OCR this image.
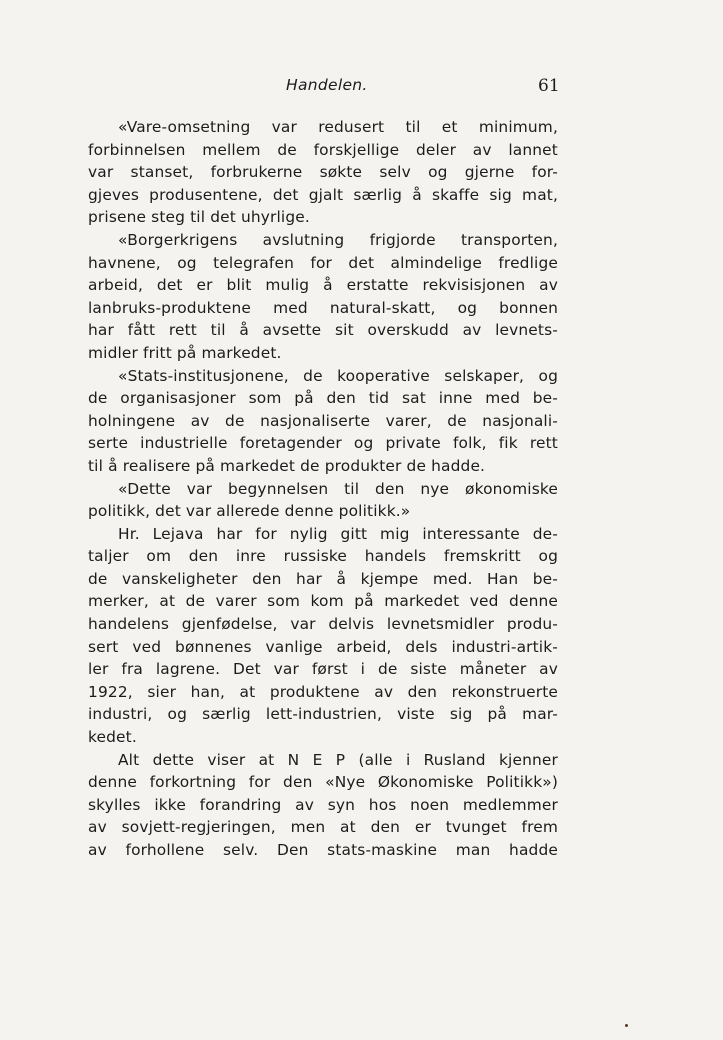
Handelen.	61
«Vare-omsetning var redusert til et minimum,
forbinnelsen mellem de forskjellige deler av lannet
var stanset, forbrukerne søkte selv og gjerne for-
gjeves produsentene, det gjalt særlig å skaffe sig mat,
prisene steg til det uhyrlige.
«Borgerkrigens avslutning frigjorde transporten,
havnene, og telegrafen for det almindelige fredlige
arbeid, det er blit mulig å erstatte rekvisisjonen av
lanbruks-produktene med natural-skatt, og bonnen
har fått rett til å avsette sit overskudd av levnets-
midler fritt på markedet.
«Stats-institusjonene, de kooperative selskaper, og
de organisasjoner som på den tid sat inne med be-
holningene av de nasjonaliserte varer, de nasjonali-
serte industrielle foretagender og private folk, fik rett
til å realisere på markedet de produkter de hadde.
«Dette var begynnelsen til den nye økonomiske
politikk, det var allerede denne politikk.»
Hr. Lejava har for nylig gitt mig interessante de-
taljer om den inre russiske handels fremskritt og
de vanskeligheter den har å kjempe med. Han be-
merker, at de varer som kom på markedet ved denne
handelens gjenfødelse, var delvis levnetsmidler produ-
sert ved bønnenes vanlige arbeid, dels industri-artik-
ler fra lagrene. Det var først i de siste måneter av
1922, sier han, at produktene av den rekonstruerte
industri, og særlig lett-industrien, viste sig på mar-
kedet.
Alt dette viser at N E P (alle i Rusland kjenner
denne forkortning for den «Nye Økonomiske Politikk»)
skylles ikke forandring av syn hos noen medlemmer
av sovjett-regjeringen, men at den er tvunget frem
av forhollene selv. Den stats-maskine man hadde
